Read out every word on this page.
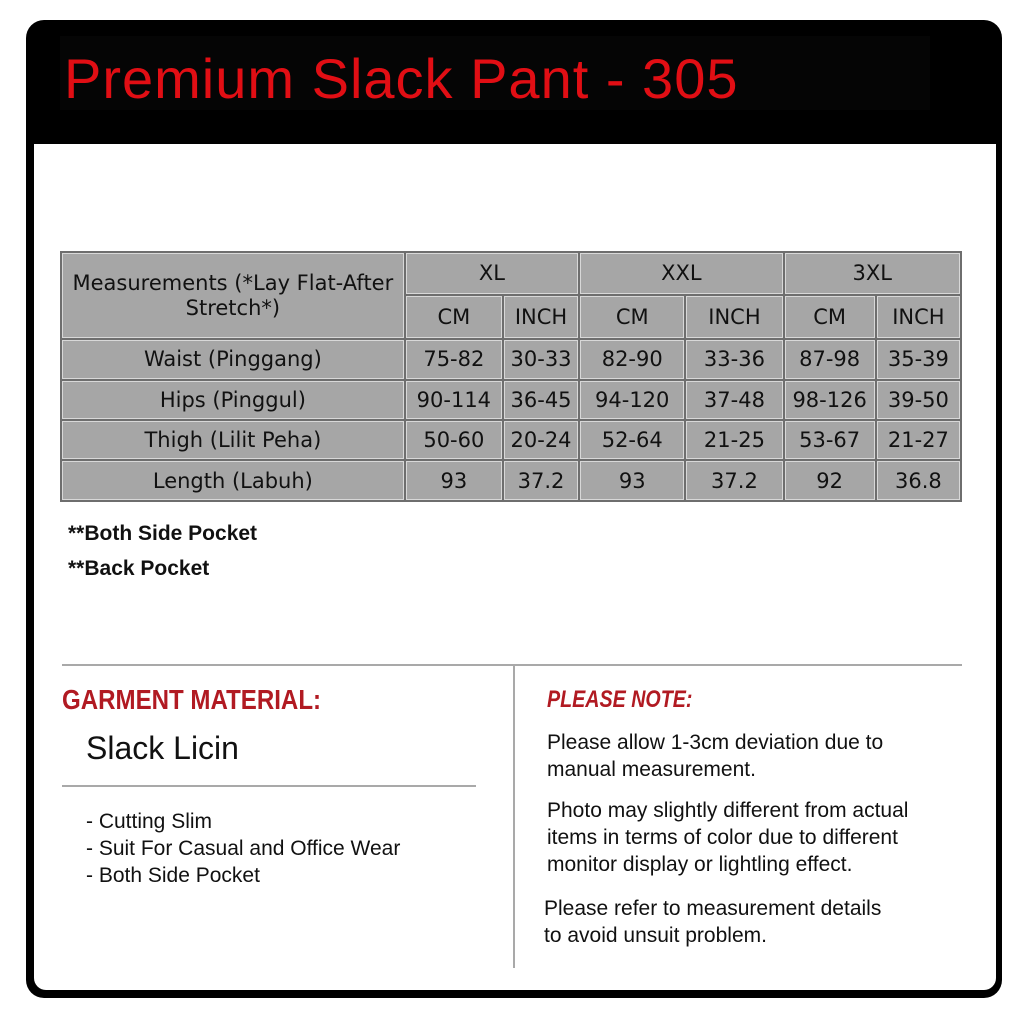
Premium Slack Pant - 305
Measurements (*Lay Flat-After Stretch*)	XL		XXL		3XL	
	CM	INCH	CM	INCH	CM	INCH
Waist (Pinggang)	75-82	30-33	82-90	33-36	87-98	35-39
Hips (Pinggul)	90-114	36-45	94-120	37-48	98-126	39-50
Thigh (Lilit Peha)	50-60	20-24	52-64	21-25	53-67	21-27
Length (Labuh)	93	37.2	93	37.2	92	36.8
**Both Side Pocket
**Back Pocket
GARMENT MATERIAL:
Slack Licin
- Cutting Slim
- Suit For Casual and Office Wear
- Both Side Pocket
PLEASE NOTE:

Please allow 1-3cm deviation due to
manual measurement.

Photo may slightly different from actual
items in terms of color due to different
monitor display or lightling effect.

Please refer to measurement details
to avoid unsuit problem.
